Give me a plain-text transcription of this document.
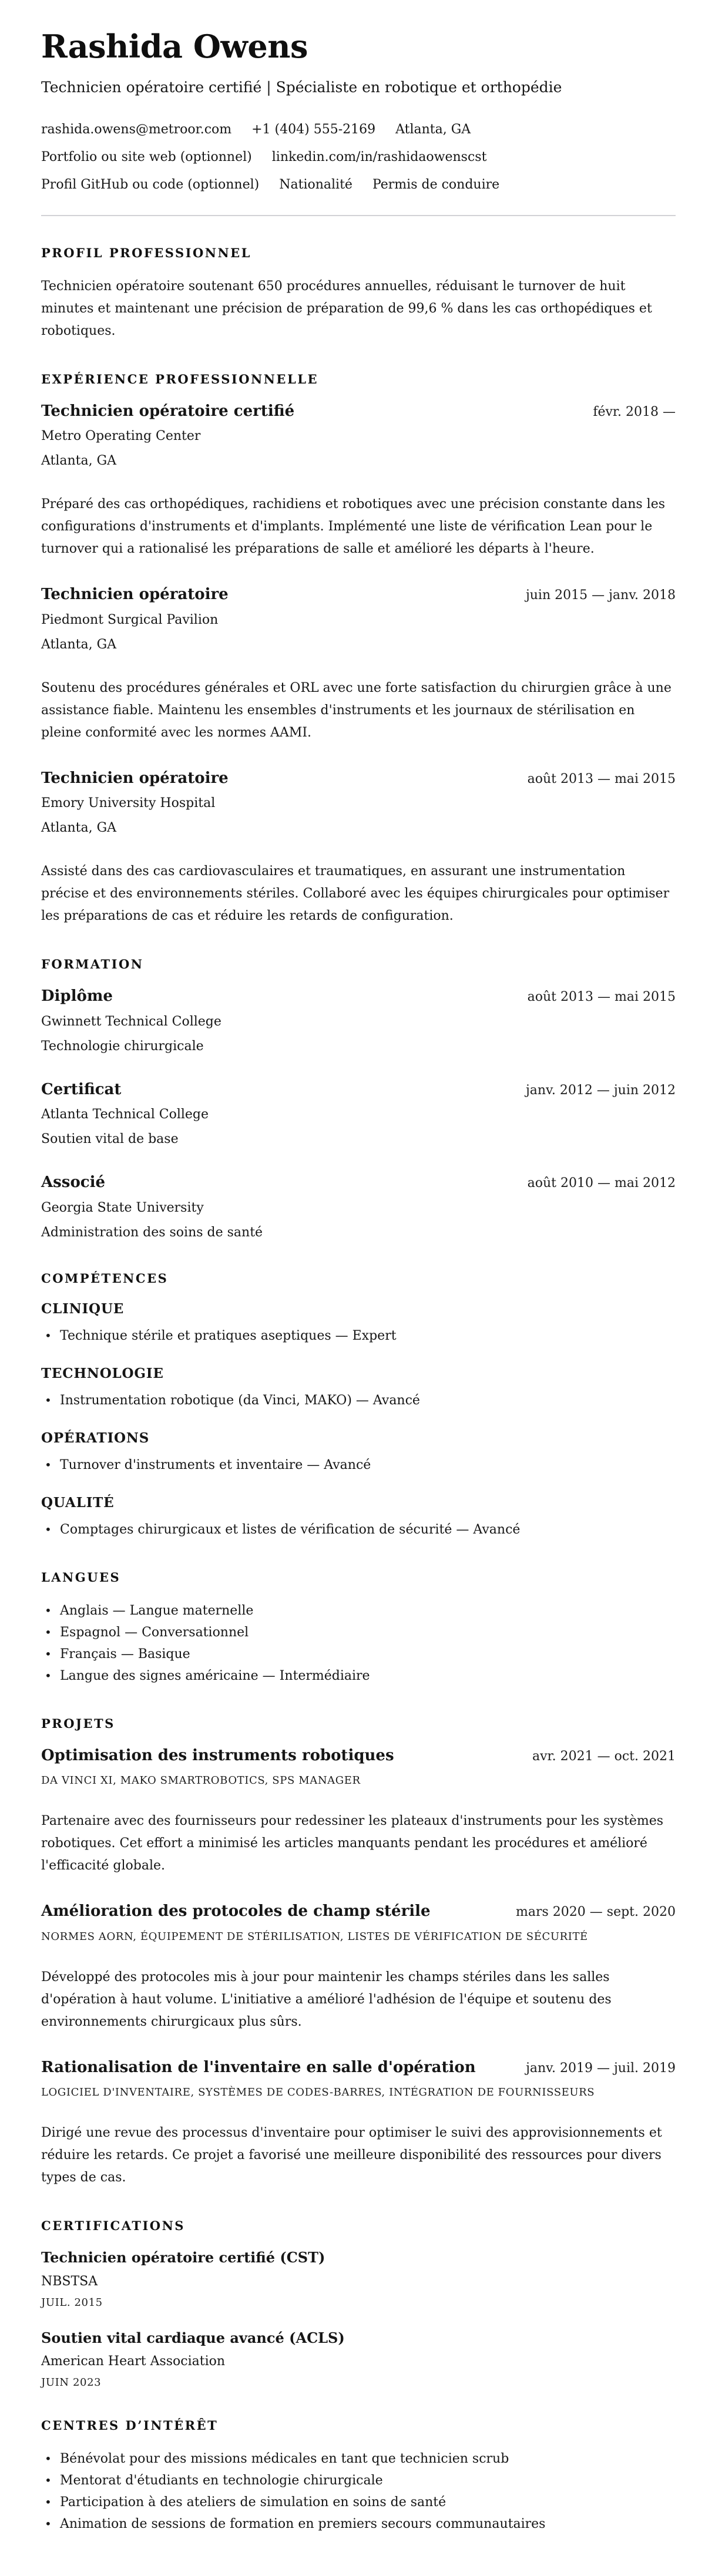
Rashida Owens

Technicien opératoire certifié | Spécialiste en robotique et orthopédie

rashida.owens@metroor.com +1 (404) 555-2169 Atlanta, GA
Portfolio ou site web (optionnel) linkedin.com/in/rashidaowenscst
Profil GitHub ou code (optionnel) Nationalité Permis de conduire
PROFIL PROFESSIONNEL

Technicien opératoire soutenant 650 procédures annuelles, réduisant le turnover de huit minutes et maintenant une précision de préparation de 99,6 % dans les cas orthopédiques et robotiques.

EXPÉRIENCE PROFESSIONNELLE
Technicien opératoire certifié	févr. 2018 —
Metro Operating Center
Atlanta, GA

Préparé des cas orthopédiques, rachidiens et robotiques avec une précision constante dans les configurations d'instruments et d'implants. Implémenté une liste de vérification Lean pour le turnover qui a rationalisé les préparations de salle et amélioré les départs à l'heure.

Technicien opératoire	juin 2015 — janv. 2018
Piedmont Surgical Pavilion
Atlanta, GA

Soutenu des procédures générales et ORL avec une forte satisfaction du chirurgien grâce à une assistance fiable. Maintenu les ensembles d'instruments et les journaux de stérilisation en pleine conformité avec les normes AAMI.

Technicien opératoire	août 2013 — mai 2015
Emory University Hospital
Atlanta, GA

Assisté dans des cas cardiovasculaires et traumatiques, en assurant une instrumentation précise et des environnements stériles. Collaboré avec les équipes chirurgicales pour optimiser les préparations de cas et réduire les retards de configuration.

FORMATION
Diplôme	août 2013 — mai 2015
Gwinnett Technical College
Technologie chirurgicale
Certificat	janv. 2012 — juin 2012
Atlanta Technical College
Soutien vital de base
Associé	août 2010 — mai 2012
Georgia State University
Administration des soins de santé
COMPÉTENCES
CLINIQUE
• Technique stérile et pratiques aseptiques — Expert
TECHNOLOGIE
• Instrumentation robotique (da Vinci, MAKO) — Avancé
OPÉRATIONS
• Turnover d'instruments et inventaire — Avancé
QUALITÉ
• Comptages chirurgicaux et listes de vérification de sécurité — Avancé
LANGUES
• Anglais — Langue maternelle
• Espagnol — Conversationnel
• Français — Basique
• Langue des signes américaine — Intermédiaire
PROJETS
Optimisation des instruments robotiques	avr. 2021 — oct. 2021
DA VINCI XI, MAKO SMARTROBOTICS, SPS MANAGER

Partenaire avec des fournisseurs pour redessiner les plateaux d'instruments pour les systèmes robotiques. Cet effort a minimisé les articles manquants pendant les procédures et amélioré l'efficacité globale.

Amélioration des protocoles de champ stérile	mars 2020 — sept. 2020
NORMES AORN, ÉQUIPEMENT DE STÉRILISATION, LISTES DE VÉRIFICATION DE SÉCURITÉ

Développé des protocoles mis à jour pour maintenir les champs stériles dans les salles d'opération à haut volume. L'initiative a amélioré l'adhésion de l'équipe et soutenu des environnements chirurgicaux plus sûrs.

Rationalisation de l'inventaire en salle d'opération	janv. 2019 — juil. 2019
LOGICIEL D'INVENTAIRE, SYSTÈMES DE CODES-BARRES, INTÉGRATION DE FOURNISSEURS

Dirigé une revue des processus d'inventaire pour optimiser le suivi des approvisionnements et réduire les retards. Ce projet a favorisé une meilleure disponibilité des ressources pour divers types de cas.

CERTIFICATIONS
Technicien opératoire certifié (CST)
NBSTSA
JUIL. 2015
Soutien vital cardiaque avancé (ACLS)
American Heart Association
JUIN 2023
CENTRES D’INTÉRÊT
• Bénévolat pour des missions médicales en tant que technicien scrub
• Mentorat d'étudiants en technologie chirurgicale
• Participation à des ateliers de simulation en soins de santé
• Animation de sessions de formation en premiers secours communautaires
